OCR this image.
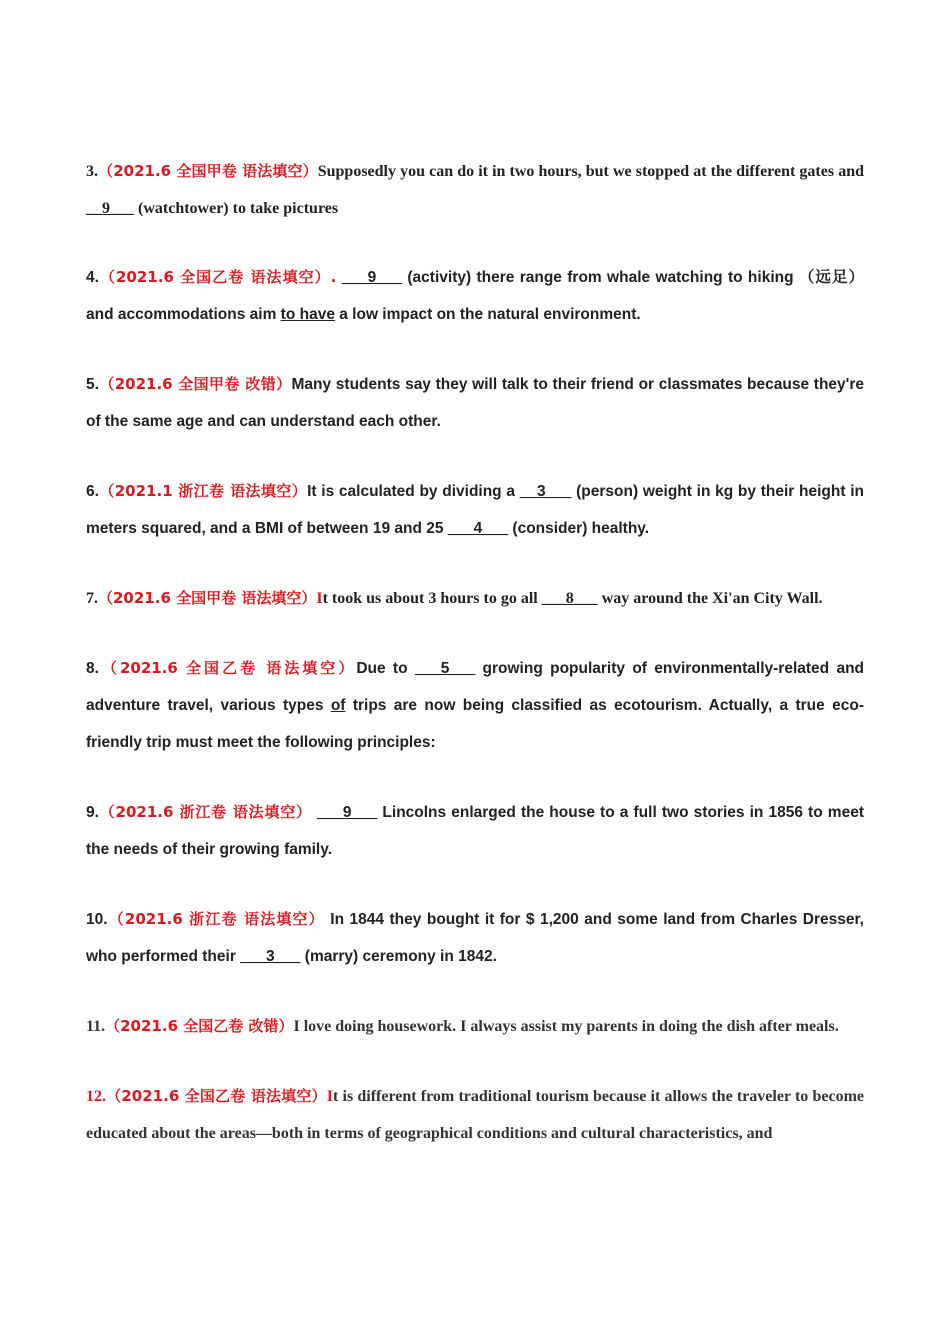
3.（2021.6 全国甲卷 语法填空）Supposedly you can do it in two hours, but we stopped at the different gates and __9___ (watchtower) to take pictures

4.（2021.6 全国乙卷 语法填空）. ___9___ (activity) there range from whale watching to hiking （远足） and accommodations aim to have a low impact on the natural environment.

5.（2021.6 全国甲卷 改错）Many students say they will talk to their friend or classmates because they're of the same age and can understand each other.

6.（2021.1 浙江卷 语法填空）It is calculated by dividing a __3___ (person) weight in kg by their height in meters squared, and a BMI of between 19 and 25 ___4___ (consider) healthy.

7.（2021.6 全国甲卷 语法填空）It took us about 3 hours to go all ___8___ way around the Xi'an City Wall.

8.（2021.6 全国乙卷 语法填空）Due to ___5___ growing popularity of environmentally-related and adventure travel, various types of trips are now being classified as ecotourism. Actually, a true eco-friendly trip must meet the following principles:

9.（2021.6 浙江卷 语法填空） ___9___ Lincolns enlarged the house to a full two stories in 1856 to meet the needs of their growing family.

10.（2021.6 浙江卷 语法填空） In 1844 they bought it for $ 1,200 and some land from Charles Dresser, who performed their ___3___ (marry) ceremony in 1842.

11.（2021.6 全国乙卷 改错）I love doing housework. I always assist my parents in doing the dish after meals.

12.（2021.6 全国乙卷 语法填空）It is different from traditional tourism because it allows the traveler to become educated about the areas—both in terms of geographical conditions and cultural characteristics, and
